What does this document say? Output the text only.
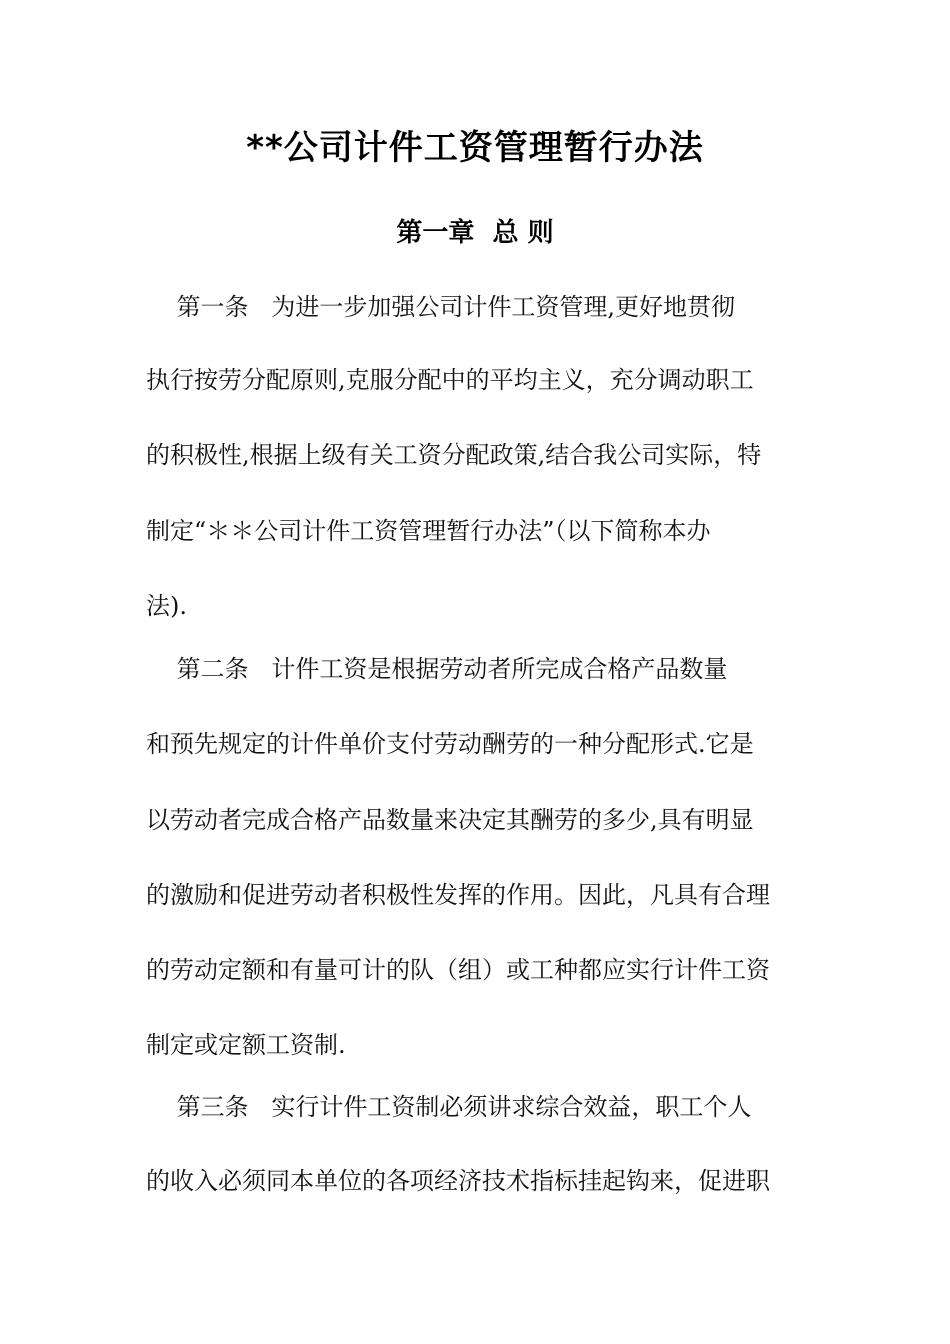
**公司计件工资管理暂行办法
第一章  总 则
第一条   为进一步加强公司计件工资管理,更好地贯彻
执行按劳分配原则,克服分配中的平均主义，充分调动职工
的积极性,根据上级有关工资分配政策,结合我公司实际，特
制定“＊＊公司计件工资管理暂行办法”（以下简称本办
法).
第二条   计件工资是根据劳动者所完成合格产品数量
和预先规定的计件单价支付劳动酬劳的一种分配形式.它是
以劳动者完成合格产品数量来决定其酬劳的多少,具有明显
的激励和促进劳动者积极性发挥的作用。因此，凡具有合理
的劳动定额和有量可计的队（组）或工种都应实行计件工资
制定或定额工资制.
第三条   实行计件工资制必须讲求综合效益，职工个人
的收入必须同本单位的各项经济技术指标挂起钩来，促进职
